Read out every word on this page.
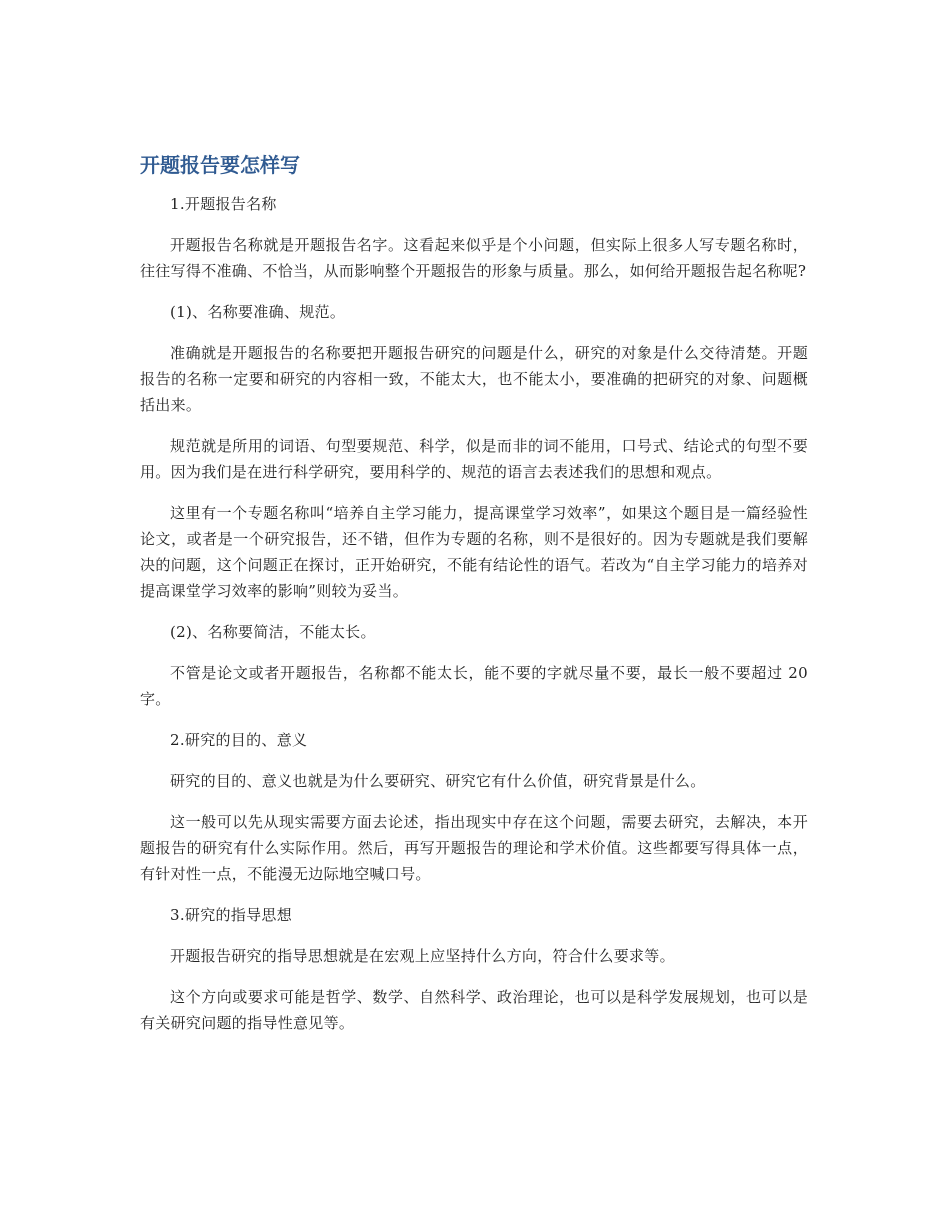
开题报告要怎样写

1.开题报告名称

开题报告名称就是开题报告名字。这看起来似乎是个小问题，但实际上很多人写专题名称时，往往写得不准确、不恰当，从而影响整个开题报告的形象与质量。那么，如何给开题报告起名称呢?

(1)、名称要准确、规范。

准确就是开题报告的名称要把开题报告研究的问题是什么，研究的对象是什么交待清楚。开题报告的名称一定要和研究的内容相一致，不能太大，也不能太小，要准确的把研究的对象、问题概括出来。

规范就是所用的词语、句型要规范、科学，似是而非的词不能用，口号式、结论式的句型不要用。因为我们是在进行科学研究，要用科学的、规范的语言去表述我们的思想和观点。

这里有一个专题名称叫“培养自主学习能力，提高课堂学习效率”，如果这个题目是一篇经验性论文，或者是一个研究报告，还不错，但作为专题的名称，则不是很好的。因为专题就是我们要解决的问题，这个问题正在探讨，正开始研究，不能有结论性的语气。若改为“自主学习能力的培养对提高课堂学习效率的影响”则较为妥当。

(2)、名称要简洁，不能太长。

不管是论文或者开题报告，名称都不能太长，能不要的字就尽量不要，最长一般不要超过 20 字。

2.研究的目的、意义

研究的目的、意义也就是为什么要研究、研究它有什么价值，研究背景是什么。

这一般可以先从现实需要方面去论述，指出现实中存在这个问题，需要去研究，去解决，本开题报告的研究有什么实际作用。然后，再写开题报告的理论和学术价值。这些都要写得具体一点，有针对性一点，不能漫无边际地空喊口号。

3.研究的指导思想

开题报告研究的指导思想就是在宏观上应坚持什么方向，符合什么要求等。

这个方向或要求可能是哲学、数学、自然科学、政治理论，也可以是科学发展规划，也可以是有关研究问题的指导性意见等。
